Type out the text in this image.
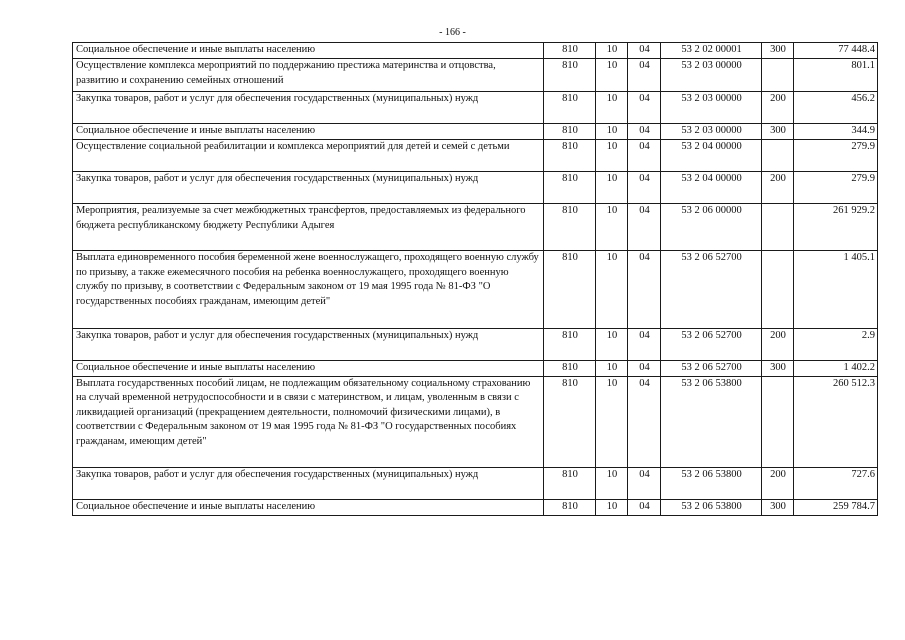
- 166 -
Социальное обеспечение и иные выплаты населению	810	10	04	53 2 02 00001	300	77 448.4
Осуществление комплекса мероприятий по поддержанию престижа материнства и отцовства, развитию и сохранению семейных отношений	810	10	04	53 2 03 00000		801.1
Закупка товаров, работ и услуг для обеспечения государственных (муниципальных) нужд	810	10	04	53 2 03 00000	200	456.2
Социальное обеспечение и иные выплаты населению	810	10	04	53 2 03 00000	300	344.9
Осуществление социальной реабилитации и комплекса мероприятий для детей и семей с детьми	810	10	04	53 2 04 00000		279.9
Закупка товаров, работ и услуг для обеспечения государственных (муниципальных) нужд	810	10	04	53 2 04 00000	200	279.9
Мероприятия, реализуемые за счет межбюджетных трансфертов, предоставляемых из федерального бюджета республиканскому бюджету Республики Адыгея	810	10	04	53 2 06 00000		261 929.2
Выплата единовременного пособия беременной жене военнослужащего, проходящего военную службу по призыву, а также ежемесячного пособия на ребенка военнослужащего, проходящего военную службу по призыву, в соответствии с Федеральным законом от 19 мая 1995 года № 81-ФЗ "О государственных пособиях гражданам, имеющим детей"	810	10	04	53 2 06 52700		1 405.1
Закупка товаров, работ и услуг для обеспечения государственных (муниципальных) нужд	810	10	04	53 2 06 52700	200	2.9
Социальное обеспечение и иные выплаты населению	810	10	04	53 2 06 52700	300	1 402.2
Выплата государственных пособий лицам, не подлежащим обязательному социальному страхованию на случай временной нетрудоспособности и в связи с материнством, и лицам, уволенным в связи с ликвидацией организаций (прекращением деятельности, полномочий физическими лицами), в соответствии с Федеральным законом от 19 мая 1995 года № 81-ФЗ "О государственных пособиях гражданам, имеющим детей"	810	10	04	53 2 06 53800		260 512.3
Закупка товаров, работ и услуг для обеспечения государственных (муниципальных) нужд	810	10	04	53 2 06 53800	200	727.6
Социальное обеспечение и иные выплаты населению	810	10	04	53 2 06 53800	300	259 784.7
